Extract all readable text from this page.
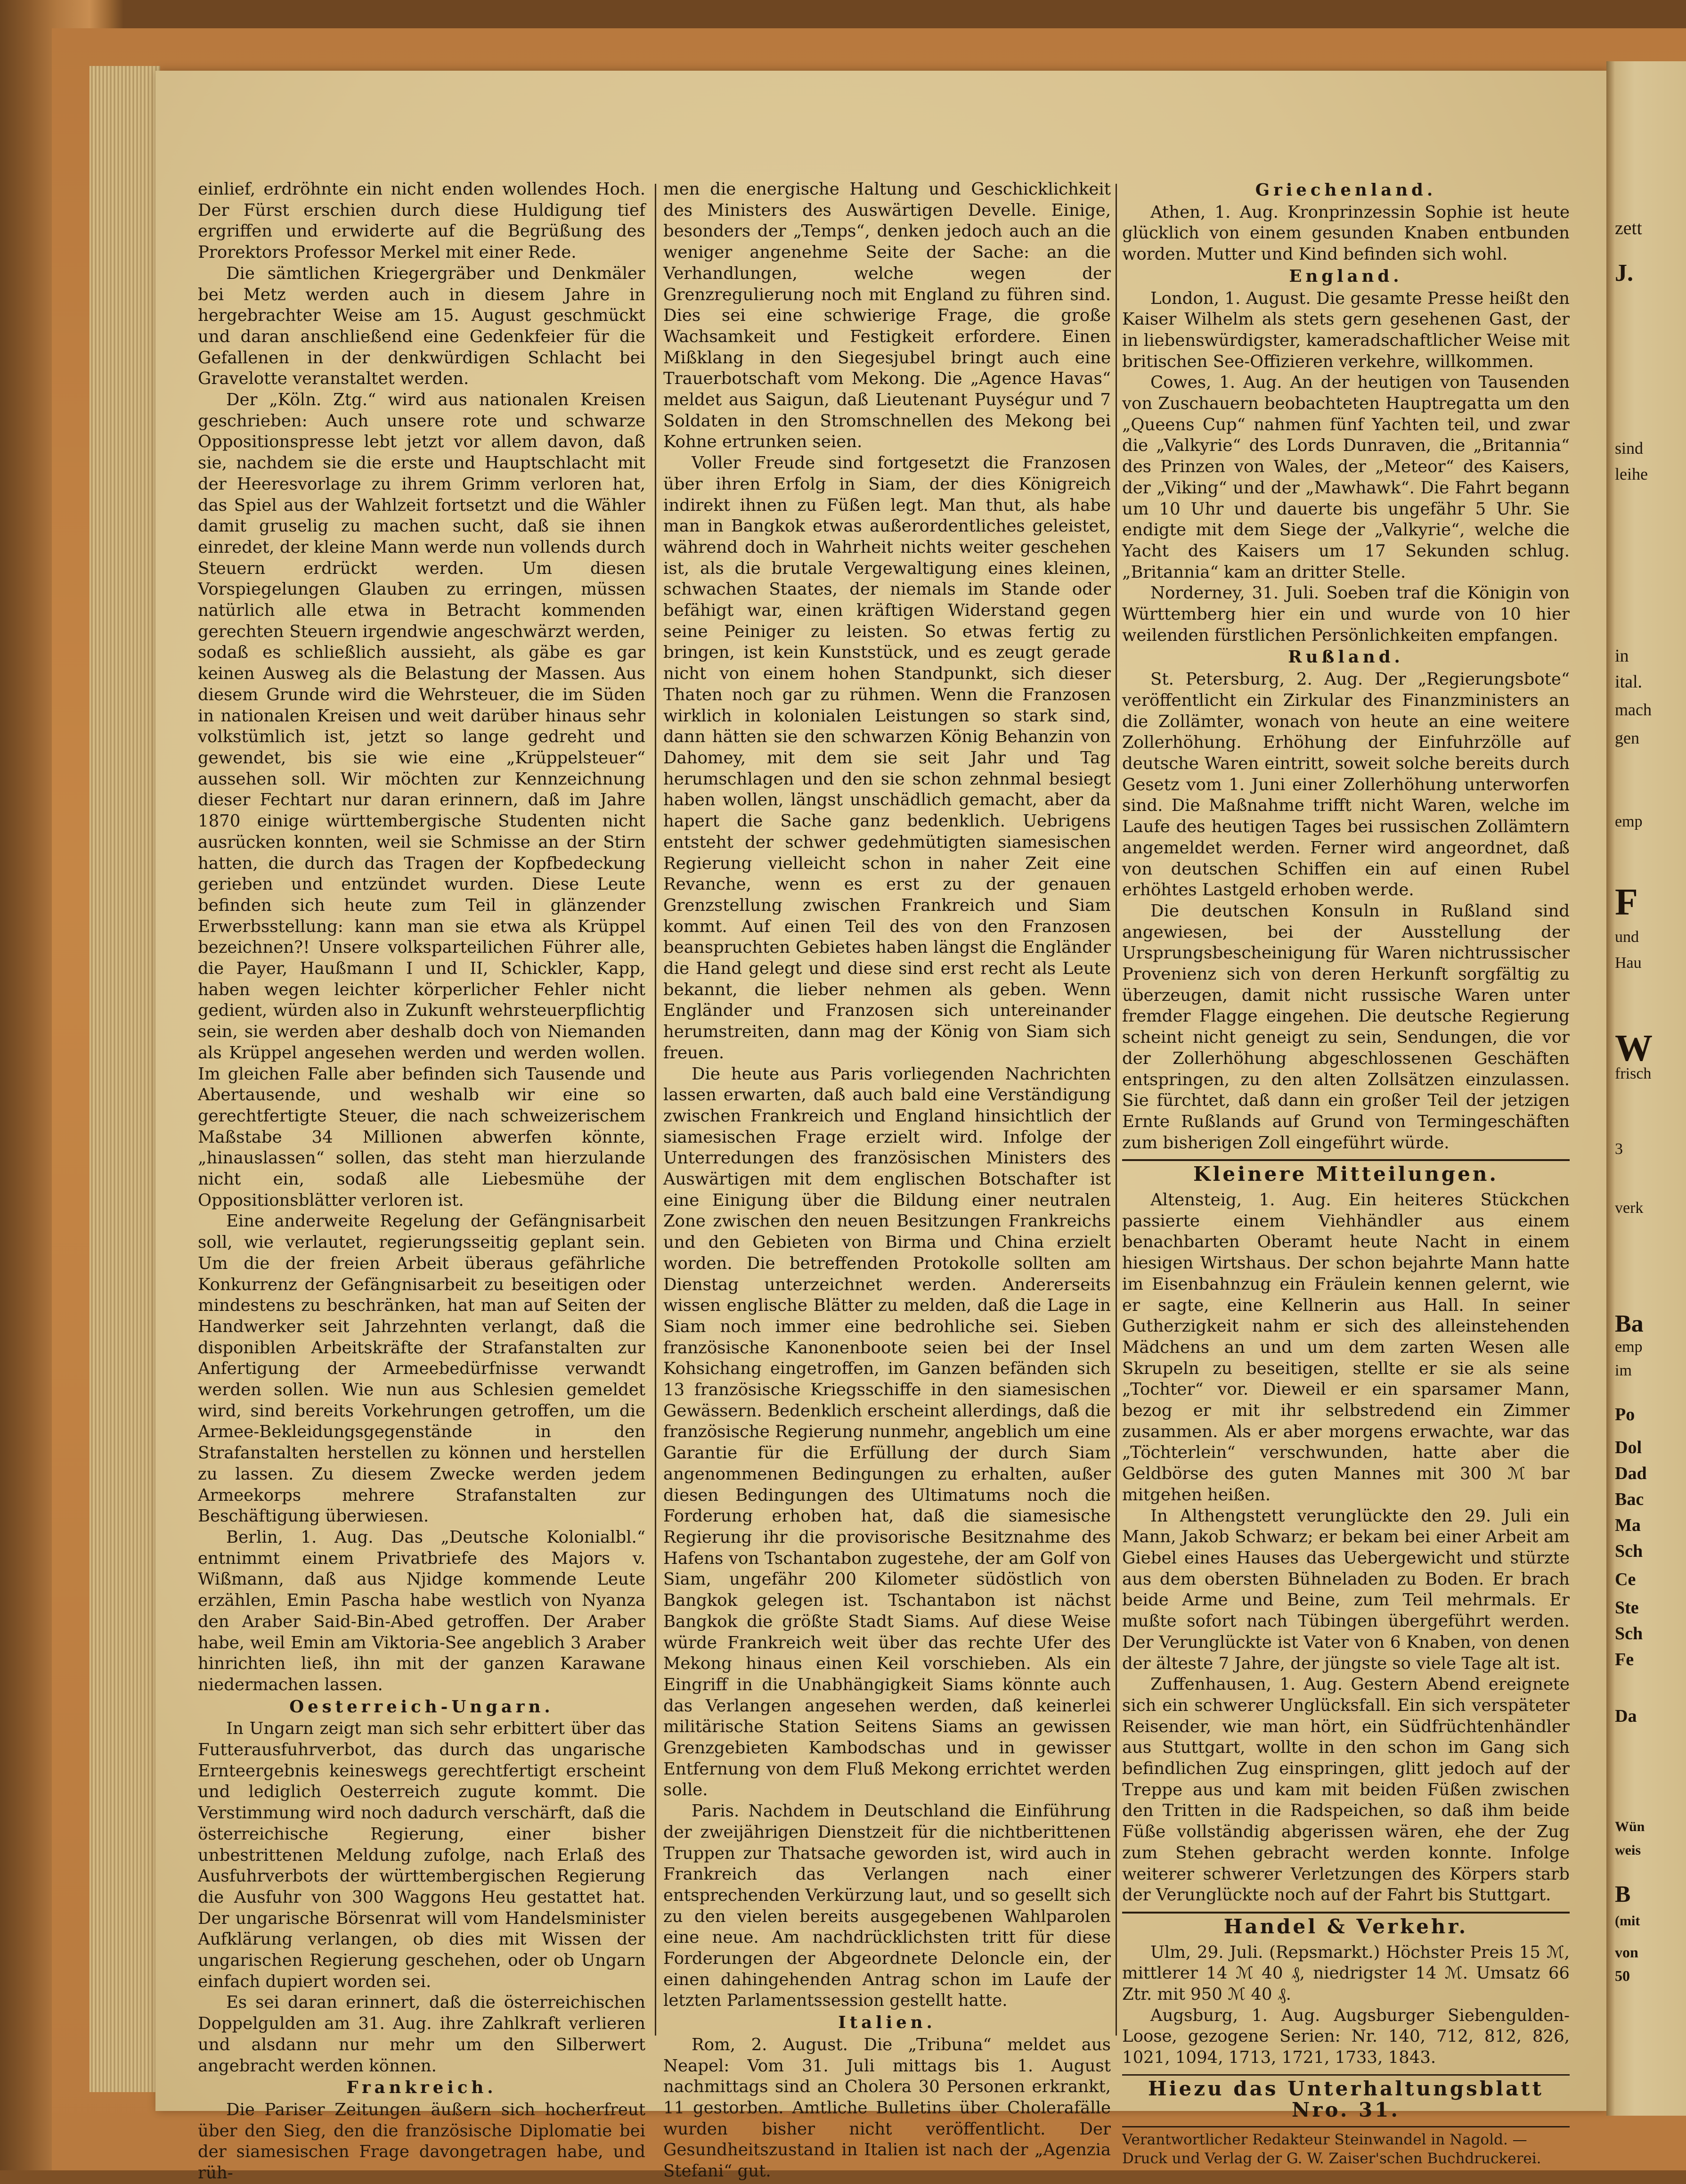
einlief, erdröhnte ein nicht enden wollendes Hoch. Der Fürst erschien durch diese Huldigung tief ergriffen und erwiderte auf die Begrüßung des Prorektors Professor Merkel mit einer Rede.

Die sämtlichen Kriegergräber und Denkmäler bei Metz werden auch in diesem Jahre in hergebrachter Weise am 15. August geschmückt und daran anschließend eine Gedenkfeier für die Gefallenen in der denkwürdigen Schlacht bei Gravelotte veranstaltet werden.

Der „Köln. Ztg.“ wird aus nationalen Kreisen geschrieben: Auch unsere rote und schwarze Oppositionspresse lebt jetzt vor allem davon, daß sie, nachdem sie die erste und Hauptschlacht mit der Heeresvorlage zu ihrem Grimm verloren hat, das Spiel aus der Wahlzeit fortsetzt und die Wähler damit gruselig zu machen sucht, daß sie ihnen einredet, der kleine Mann werde nun vollends durch Steuern erdrückt werden. Um diesen Vorspiegelungen Glauben zu erringen, müssen natürlich alle etwa in Betracht kommenden gerechten Steuern irgendwie angeschwärzt werden, sodaß es schließlich aussieht, als gäbe es gar keinen Ausweg als die Belastung der Massen. Aus diesem Grunde wird die Wehrsteuer, die im Süden in nationalen Kreisen und weit darüber hinaus sehr volkstümlich ist, jetzt so lange gedreht und gewendet, bis sie wie eine „Krüppelsteuer“ aussehen soll. Wir möchten zur Kennzeichnung dieser Fechtart nur daran erinnern, daß im Jahre 1870 einige württembergische Studenten nicht ausrücken konnten, weil sie Schmisse an der Stirn hatten, die durch das Tragen der Kopfbedeckung gerieben und entzündet wurden. Diese Leute befinden sich heute zum Teil in glänzender Erwerbsstellung: kann man sie etwa als Krüppel bezeichnen?! Unsere volksparteilichen Führer alle, die Payer, Haußmann I und II, Schickler, Kapp, haben wegen leichter körperlicher Fehler nicht gedient, würden also in Zukunft wehrsteuerpflichtig sein, sie werden aber deshalb doch von Niemanden als Krüppel angesehen werden und werden wollen. Im gleichen Falle aber befinden sich Tausende und Abertausende, und weshalb wir eine so gerechtfertigte Steuer, die nach schweizerischem Maßstabe 34 Millionen abwerfen könnte, „hinauslassen“ sollen, das steht man hierzulande nicht ein, sodaß alle Liebesmühe der Oppositionsblätter verloren ist.

Eine anderweite Regelung der Gefängnisarbeit soll, wie verlautet, regierungsseitig geplant sein. Um die der freien Arbeit überaus gefährliche Konkurrenz der Gefängnisarbeit zu beseitigen oder mindestens zu beschränken, hat man auf Seiten der Handwerker seit Jahrzehnten verlangt, daß die disponiblen Arbeitskräfte der Strafanstalten zur Anfertigung der Armeebedürfnisse verwandt werden sollen. Wie nun aus Schlesien gemeldet wird, sind bereits Vorkehrungen getroffen, um die Armee-Bekleidungsgegenstände in den Strafanstalten herstellen zu können und herstellen zu lassen. Zu diesem Zwecke werden jedem Armeekorps mehrere Strafanstalten zur Beschäftigung überwiesen.

Berlin, 1. Aug. Das „Deutsche Kolonialbl.“ entnimmt einem Privatbriefe des Majors v. Wißmann, daß aus Njidge kommende Leute erzählen, Emin Pascha habe westlich von Nyanza den Araber Said-Bin-Abed getroffen. Der Araber habe, weil Emin am Viktoria-See angeblich 3 Araber hinrichten ließ, ihn mit der ganzen Karawane niedermachen lassen.

Oesterreich-Ungarn.

In Ungarn zeigt man sich sehr erbittert über das Futterausfuhrverbot, das durch das ungarische Ernteergebnis keineswegs gerechtfertigt erscheint und lediglich Oesterreich zugute kommt. Die Verstimmung wird noch dadurch verschärft, daß die österreichische Regierung, einer bisher unbestrittenen Meldung zufolge, nach Erlaß des Ausfuhrverbots der württembergischen Regierung die Ausfuhr von 300 Waggons Heu gestattet hat. Der ungarische Börsenrat will vom Handelsminister Aufklärung verlangen, ob dies mit Wissen der ungarischen Regierung geschehen, oder ob Ungarn einfach dupiert worden sei.

Es sei daran erinnert, daß die österreichischen Doppelgulden am 31. Aug. ihre Zahlkraft verlieren und alsdann nur mehr um den Silberwert angebracht werden können.

Frankreich.

Die Pariser Zeitungen äußern sich hocherfreut über den Sieg, den die französische Diplomatie bei der siamesischen Frage davongetragen habe, und rüh-

men die energische Haltung und Geschicklichkeit des Ministers des Auswärtigen Develle. Einige, besonders der „Temps“, denken jedoch auch an die weniger angenehme Seite der Sache: an die Verhandlungen, welche wegen der Grenzregulierung noch mit England zu führen sind. Dies sei eine schwierige Frage, die große Wachsamkeit und Festigkeit erfordere. Einen Mißklang in den Siegesjubel bringt auch eine Trauerbotschaft vom Mekong. Die „Agence Havas“ meldet aus Saigun, daß Lieutenant Puységur und 7 Soldaten in den Stromschnellen des Mekong bei Kohne ertrunken seien.

Voller Freude sind fortgesetzt die Franzosen über ihren Erfolg in Siam, der dies Königreich indirekt ihnen zu Füßen legt. Man thut, als habe man in Bangkok etwas außerordentliches geleistet, während doch in Wahrheit nichts weiter geschehen ist, als die brutale Vergewaltigung eines kleinen, schwachen Staates, der niemals im Stande oder befähigt war, einen kräftigen Widerstand gegen seine Peiniger zu leisten. So etwas fertig zu bringen, ist kein Kunststück, und es zeugt gerade nicht von einem hohen Standpunkt, sich dieser Thaten noch gar zu rühmen. Wenn die Franzosen wirklich in kolonialen Leistungen so stark sind, dann hätten sie den schwarzen König Behanzin von Dahomey, mit dem sie seit Jahr und Tag herumschlagen und den sie schon zehnmal besiegt haben wollen, längst unschädlich gemacht, aber da hapert die Sache ganz bedenklich. Uebrigens entsteht der schwer gedehmütigten siamesischen Regierung vielleicht schon in naher Zeit eine Revanche, wenn es erst zu der genauen Grenzstellung zwischen Frankreich und Siam kommt. Auf einen Teil des von den Franzosen beanspruchten Gebietes haben längst die Engländer die Hand gelegt und diese sind erst recht als Leute bekannt, die lieber nehmen als geben. Wenn Engländer und Franzosen sich untereinander herumstreiten, dann mag der König von Siam sich freuen.

Die heute aus Paris vorliegenden Nachrichten lassen erwarten, daß auch bald eine Verständigung zwischen Frankreich und England hinsichtlich der siamesischen Frage erzielt wird. Infolge der Unterredungen des französischen Ministers des Auswärtigen mit dem englischen Botschafter ist eine Einigung über die Bildung einer neutralen Zone zwischen den neuen Besitzungen Frankreichs und den Gebieten von Birma und China erzielt worden. Die betreffenden Protokolle sollten am Dienstag unterzeichnet werden. Andererseits wissen englische Blätter zu melden, daß die Lage in Siam noch immer eine bedrohliche sei. Sieben französische Kanonenboote seien bei der Insel Kohsichang eingetroffen, im Ganzen befänden sich 13 französische Kriegsschiffe in den siamesischen Gewässern. Bedenklich erscheint allerdings, daß die französische Regierung nunmehr, angeblich um eine Garantie für die Erfüllung der durch Siam angenommenen Bedingungen zu erhalten, außer diesen Bedingungen des Ultimatums noch die Forderung erhoben hat, daß die siamesische Regierung ihr die provisorische Besitznahme des Hafens von Tschantabon zugestehe, der am Golf von Siam, ungefähr 200 Kilometer südöstlich von Bangkok gelegen ist. Tschantabon ist nächst Bangkok die größte Stadt Siams. Auf diese Weise würde Frankreich weit über das rechte Ufer des Mekong hinaus einen Keil vorschieben. Als ein Eingriff in die Unabhängigkeit Siams könnte auch das Verlangen angesehen werden, daß keinerlei militärische Station Seitens Siams an gewissen Grenzgebieten Kambodschas und in gewisser Entfernung von dem Fluß Mekong errichtet werden solle.

Paris. Nachdem in Deutschland die Einführung der zweijährigen Dienstzeit für die nichtberittenen Truppen zur Thatsache geworden ist, wird auch in Frankreich das Verlangen nach einer entsprechenden Verkürzung laut, und so gesellt sich zu den vielen bereits ausgegebenen Wahlparolen eine neue. Am nachdrücklichsten tritt für diese Forderungen der Abgeordnete Deloncle ein, der einen dahingehenden Antrag schon im Laufe der letzten Parlamentssession gestellt hatte.

Italien.

Rom, 2. August. Die „Tribuna“ meldet aus Neapel: Vom 31. Juli mittags bis 1. August nachmittags sind an Cholera 30 Personen erkrankt, 11 gestorben. Amtliche Bulletins über Cholerafälle wurden bisher nicht veröffentlicht. Der Gesundheitszustand in Italien ist nach der „Agenzia Stefani“ gut.

Griechenland.

Athen, 1. Aug. Kronprinzessin Sophie ist heute glücklich von einem gesunden Knaben entbunden worden. Mutter und Kind befinden sich wohl.

England.

London, 1. August. Die gesamte Presse heißt den Kaiser Wilhelm als stets gern gesehenen Gast, der in liebenswürdigster, kameradschaftlicher Weise mit britischen See-Offizieren verkehre, willkommen.

Cowes, 1. Aug. An der heutigen von Tausenden von Zuschauern beobachteten Hauptregatta um den „Queens Cup“ nahmen fünf Yachten teil, und zwar die „Valkyrie“ des Lords Dunraven, die „Britannia“ des Prinzen von Wales, der „Meteor“ des Kaisers, der „Viking“ und der „Mawhawk“. Die Fahrt begann um 10 Uhr und dauerte bis ungefähr 5 Uhr. Sie endigte mit dem Siege der „Valkyrie“, welche die Yacht des Kaisers um 17 Sekunden schlug. „Britannia“ kam an dritter Stelle.

Norderney, 31. Juli. Soeben traf die Königin von Württemberg hier ein und wurde von 10 hier weilenden fürstlichen Persönlichkeiten empfangen.

Rußland.

St. Petersburg, 2. Aug. Der „Regierungsbote“ veröffentlicht ein Zirkular des Finanzministers an die Zollämter, wonach von heute an eine weitere Zollerhöhung. Erhöhung der Einfuhrzölle auf deutsche Waren eintritt, soweit solche bereits durch Gesetz vom 1. Juni einer Zollerhöhung unterworfen sind. Die Maßnahme trifft nicht Waren, welche im Laufe des heutigen Tages bei russischen Zollämtern angemeldet werden. Ferner wird angeordnet, daß von deutschen Schiffen ein auf einen Rubel erhöhtes Lastgeld erhoben werde.

Die deutschen Konsuln in Rußland sind angewiesen, bei der Ausstellung der Ursprungsbescheinigung für Waren nichtrussischer Provenienz sich von deren Herkunft sorgfältig zu überzeugen, damit nicht russische Waren unter fremder Flagge eingehen. Die deutsche Regierung scheint nicht geneigt zu sein, Sendungen, die vor der Zollerhöhung abgeschlossenen Geschäften entspringen, zu den alten Zollsätzen einzulassen. Sie fürchtet, daß dann ein großer Teil der jetzigen Ernte Rußlands auf Grund von Termingeschäften zum bisherigen Zoll eingeführt würde.

Kleinere Mitteilungen.

Altensteig, 1. Aug. Ein heiteres Stückchen passierte einem Viehhändler aus einem benachbarten Oberamt heute Nacht in einem hiesigen Wirtshaus. Der schon bejahrte Mann hatte im Eisenbahnzug ein Fräulein kennen gelernt, wie er sagte, eine Kellnerin aus Hall. In seiner Gutherzigkeit nahm er sich des alleinstehenden Mädchens an und um dem zarten Wesen alle Skrupeln zu beseitigen, stellte er sie als seine „Tochter“ vor. Dieweil er ein sparsamer Mann, bezog er mit ihr selbstredend ein Zimmer zusammen. Als er aber morgens erwachte, war das „Töchterlein“ verschwunden, hatte aber die Geldbörse des guten Mannes mit 300 ℳ bar mitgehen heißen.

In Althengstett verunglückte den 29. Juli ein Mann, Jakob Schwarz; er bekam bei einer Arbeit am Giebel eines Hauses das Uebergewicht und stürzte aus dem obersten Bühneladen zu Boden. Er brach beide Arme und Beine, zum Teil mehrmals. Er mußte sofort nach Tübingen übergeführt werden. Der Verunglückte ist Vater von 6 Knaben, von denen der älteste 7 Jahre, der jüngste so viele Tage alt ist.

Zuffenhausen, 1. Aug. Gestern Abend ereignete sich ein schwerer Unglücksfall. Ein sich verspäteter Reisender, wie man hört, ein Südfrüchtenhändler aus Stuttgart, wollte in den schon im Gang sich befindlichen Zug einspringen, glitt jedoch auf der Treppe aus und kam mit beiden Füßen zwischen den Tritten in die Radspeichen, so daß ihm beide Füße vollständig abgerissen wären, ehe der Zug zum Stehen gebracht werden konnte. Infolge weiterer schwerer Verletzungen des Körpers starb der Verunglückte noch auf der Fahrt bis Stuttgart.

Handel & Verkehr.

Ulm, 29. Juli. (Repsmarkt.) Höchster Preis 15 ℳ, mittlerer 14 ℳ 40 ₰, niedrigster 14 ℳ. Umsatz 66 Ztr. mit 950 ℳ 40 ₰.

Augsburg, 1. Aug. Augsburger Siebengulden-Loose, gezogene Serien: Nr. 140, 712, 812, 826, 1021, 1094, 1713, 1721, 1733, 1843.

Hiezu das Unterhaltungsblatt Nro. 31.

Verantwortlicher Redakteur Steinwandel in Nagold. — Druck und Verlag der G. W. Zaiser'schen Buchdruckerei.

zett
J.
sind
leihe
in
ital.
mach
gen
emp
F
und
Hau
W
frisch
3
verk
Ba
emp
im
Po
Dol
Dad
Bac
Ma
Sch
Ce
Ste
Sch
Fe
Da
Wün
weis
B
(mit
von
50
